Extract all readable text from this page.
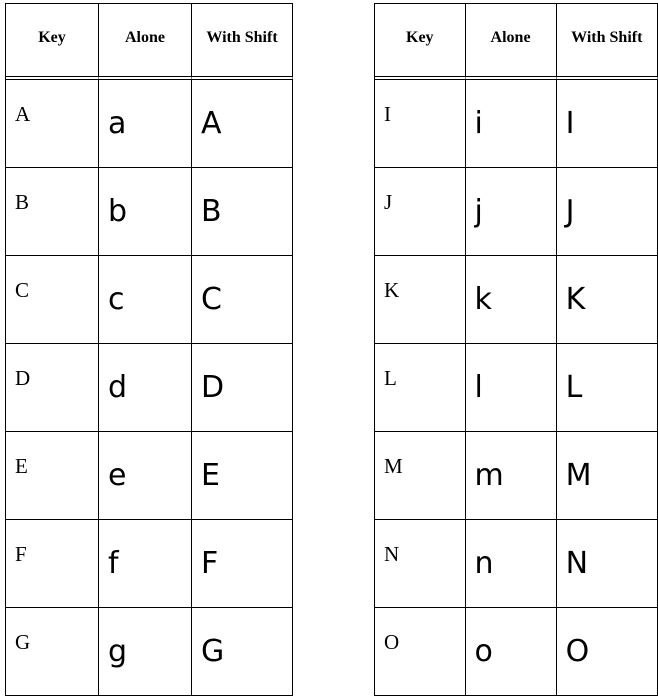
Key	Alone	With Shift
A	a	A
B	b	B
C	c	C
D	d	D
E	e	E
F	f	F
G	g	G
Key	Alone	With Shift
I	i	I
J	j	J
K	k	K
L	l	L
M	m	M
N	n	N
O	o	O
